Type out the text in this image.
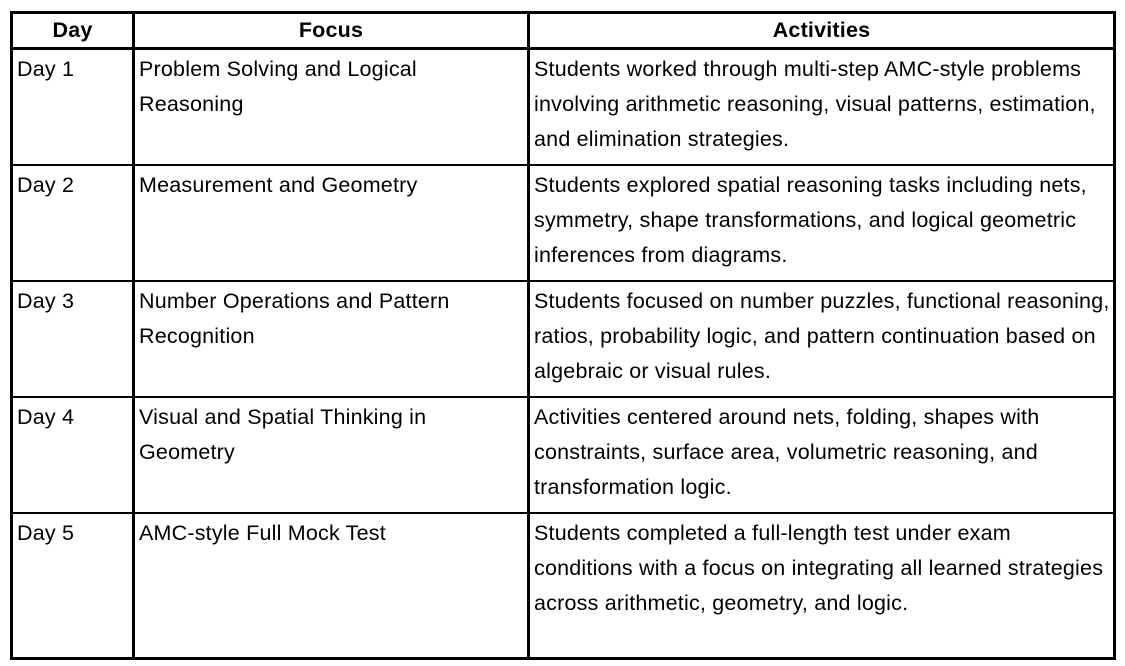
Day	Focus	Activities
Day 1	Problem Solving and Logical Reasoning	Students worked through multi-step AMC-style problems involving arithmetic reasoning, visual patterns, estimation, and elimination strategies.
Day 2	Measurement and Geometry	Students explored spatial reasoning tasks including nets, symmetry, shape transformations, and logical geometric inferences from diagrams.
Day 3	Number Operations and Pattern Recognition	Students focused on number puzzles, functional reasoning, ratios, probability logic, and pattern continuation based on algebraic or visual rules.
Day 4	Visual and Spatial Thinking in Geometry	Activities centered around nets, folding, shapes with constraints, surface area, volumetric reasoning, and transformation logic.
Day 5	AMC-style Full Mock Test	Students completed a full-length test under exam conditions with a focus on integrating all learned strategies across arithmetic, geometry, and logic.
